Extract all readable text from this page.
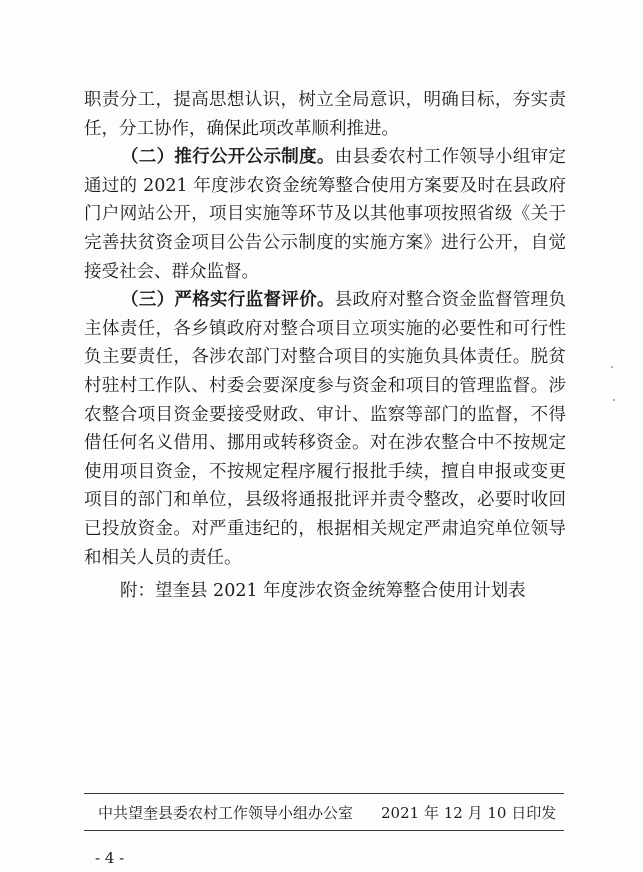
职责分工，提高思想认识，树立全局意识，明确目标，夯实责
任，分工协作，确保此项改革顺利推进。
（二）推行公开公示制度。由县委农村工作领导小组审定
通过的 2021 年度涉农资金统筹整合使用方案要及时在县政府
门户网站公开，项目实施等环节及以其他事项按照省级《关于
完善扶贫资金项目公告公示制度的实施方案》进行公开，自觉
接受社会、群众监督。
（三）严格实行监督评价。县政府对整合资金监督管理负
主体责任，各乡镇政府对整合项目立项实施的必要性和可行性
负主要责任，各涉农部门对整合项目的实施负具体责任。脱贫
村驻村工作队、村委会要深度参与资金和项目的管理监督。涉
农整合项目资金要接受财政、审计、监察等部门的监督，不得
借任何名义借用、挪用或转移资金。对在涉农整合中不按规定
使用项目资金，不按规定程序履行报批手续，擅自申报或变更
项目的部门和单位，县级将通报批评并责令整改，必要时收回
已投放资金。对严重违纪的，根据相关规定严肃追究单位领导
和相关人员的责任。
附：望奎县 2021 年度涉农资金统筹整合使用计划表
中共望奎县委农村工作领导小组办公室 2021 年 12 月 10 日印发
- 4 -
